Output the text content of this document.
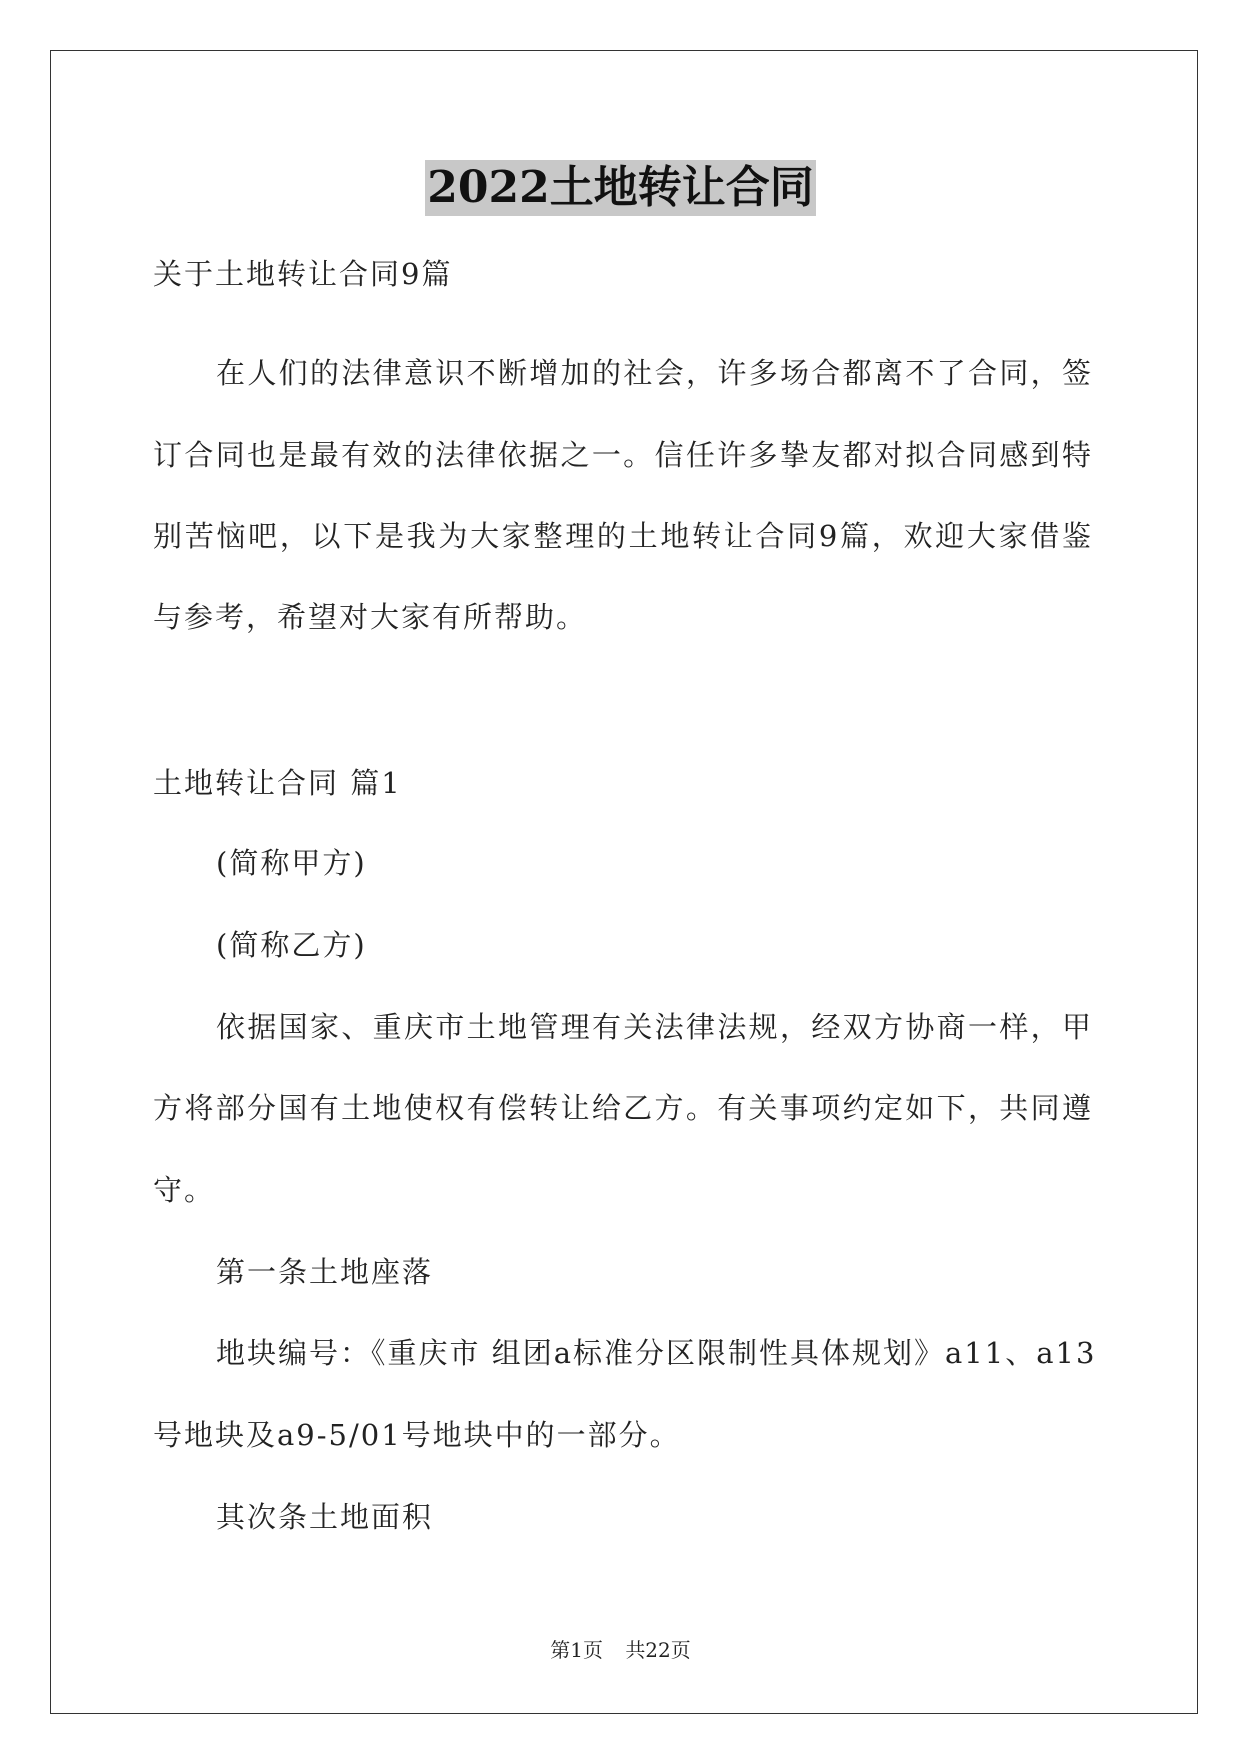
2022土地转让合同
关于土地转让合同9篇
在人们的法律意识不断增加的社会，许多场合都离不了合同，签
订合同也是最有效的法律依据之一。信任许多挚友都对拟合同感到特
别苦恼吧，以下是我为大家整理的土地转让合同9篇，欢迎大家借鉴
与参考，希望对大家有所帮助。
土地转让合同 篇1
(简称甲方)
(简称乙方)
依据国家、重庆市土地管理有关法律法规，经双方协商一样，甲
方将部分国有土地使权有偿转让给乙方。有关事项约定如下，共同遵
守。
第一条土地座落
地块编号：《重庆市 组团a标准分区限制性具体规划》a11、a13
号地块及a9-5/01号地块中的一部分。
其次条土地面积
第1页 共22页
